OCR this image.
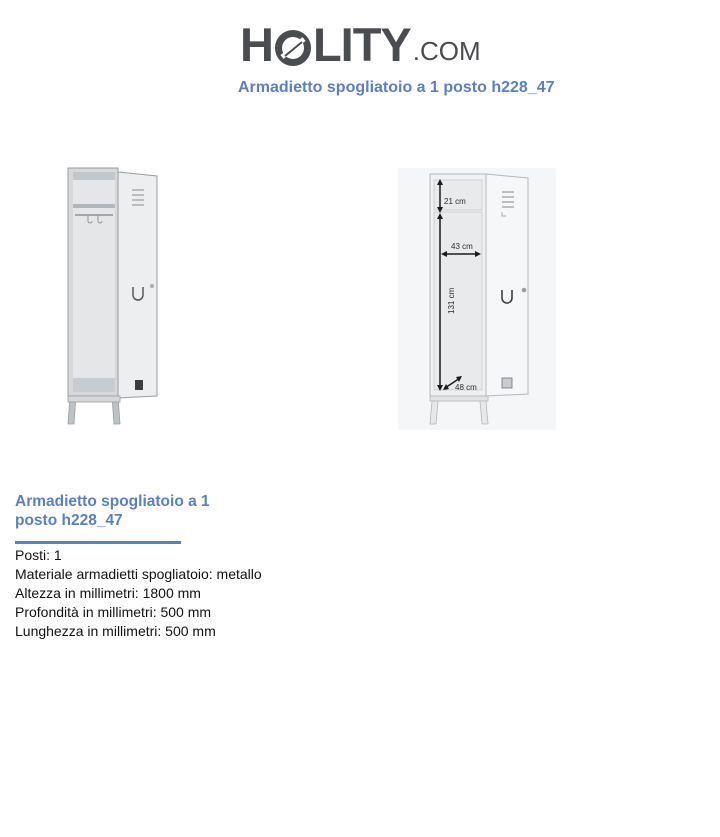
H LITY .COM
Armadietto spogliatoio a 1 posto h228_47
21 cm
43 cm
131 cm
48 cm
Armadietto spogliatoio a 1 posto h228_47
Posti: 1
Materiale armadietti spogliatoio: metallo
Altezza in millimetri: 1800 mm
Profondità in millimetri: 500 mm
Lunghezza in millimetri: 500 mm
